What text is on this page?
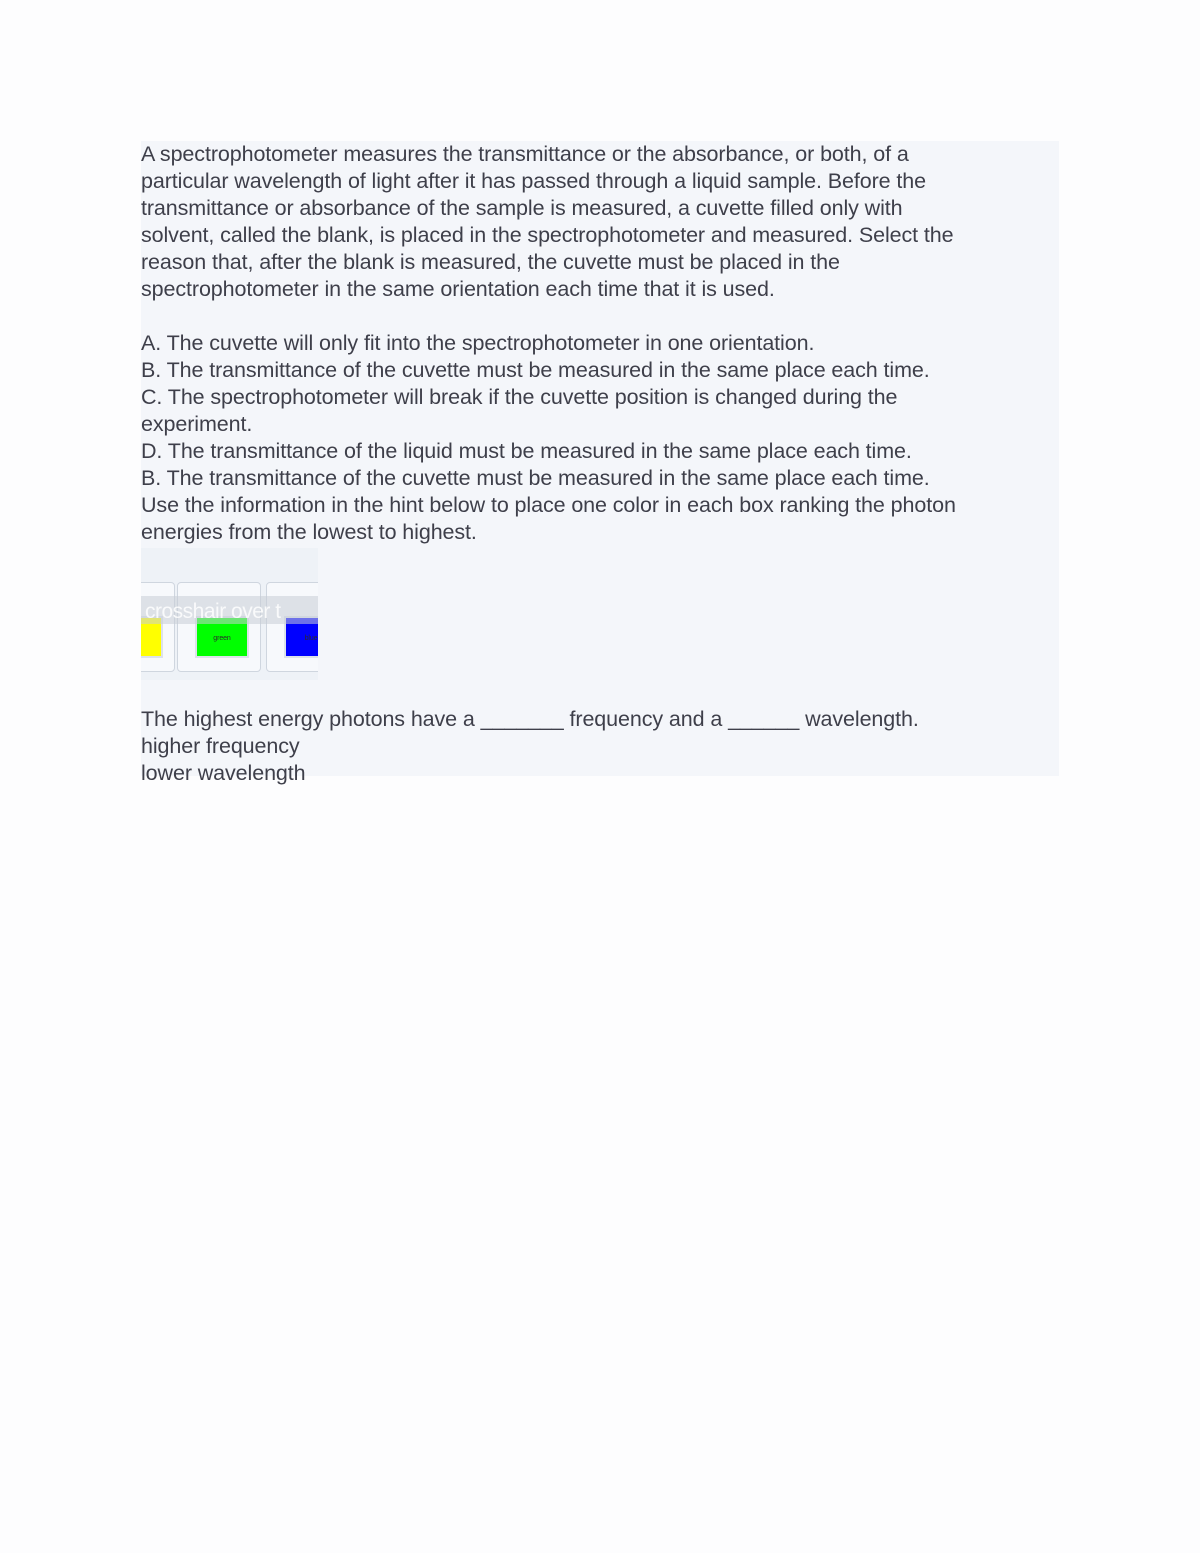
A spectrophotometer measures the transmittance or the absorbance, or both, of a
particular wavelength of light after it has passed through a liquid sample. Before the
transmittance or absorbance of the sample is measured, a cuvette filled only with
solvent, called the blank, is placed in the spectrophotometer and measured. Select the
reason that, after the blank is measured, the cuvette must be placed in the
spectrophotometer in the same orientation each time that it is used.
A. The cuvette will only fit into the spectrophotometer in one orientation.
B. The transmittance of the cuvette must be measured in the same place each time.
C. The spectrophotometer will break if the cuvette position is changed during the
experiment.
D. The transmittance of the liquid must be measured in the same place each time.
B. The transmittance of the cuvette must be measured in the same place each time.
Use the information in the hint below to place one color in each box ranking the photon
energies from the lowest to highest.
green	blue
crosshair over t
The highest energy photons have a _______ frequency and a ______ wavelength.
higher frequency
lower wavelength
